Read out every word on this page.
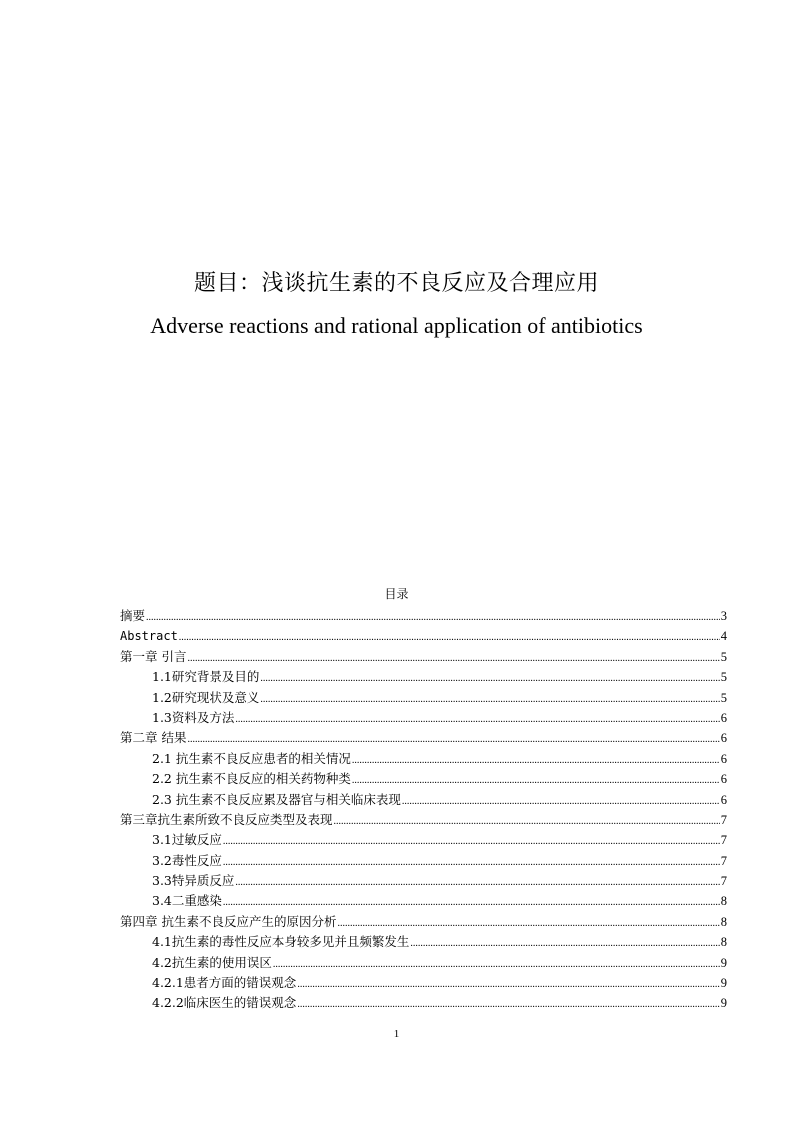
题目：浅谈抗生素的不良反应及合理应用
Adverse reactions and rational application of antibiotics
目录
摘要 .....	3
Abstract .....	4
第一章 引言 .....	5
1.1研究背景及目的 .....	5
1.2研究现状及意义 .....	5
1.3资料及方法 .....	6
第二章 结果 .....	6
2.1 抗生素不良反应患者的相关情况 .....	6
2.2 抗生素不良反应的相关药物种类 .....	6
2.3 抗生素不良反应累及器官与相关临床表现 .....	6
第三章抗生素所致不良反应类型及表现 .....	7
3.1过敏反应 .....	7
3.2毒性反应 .....	7
3.3特异质反应 .....	7
3.4二重感染 .....	8
第四章 抗生素不良反应产生的原因分析 .....	8
4.1抗生素的毒性反应本身较多见并且频繁发生 .....	8
4.2抗生素的使用误区 .....	9
4.2.1患者方面的错误观念 .....	9
4.2.2临床医生的错误观念 .....	9
1
